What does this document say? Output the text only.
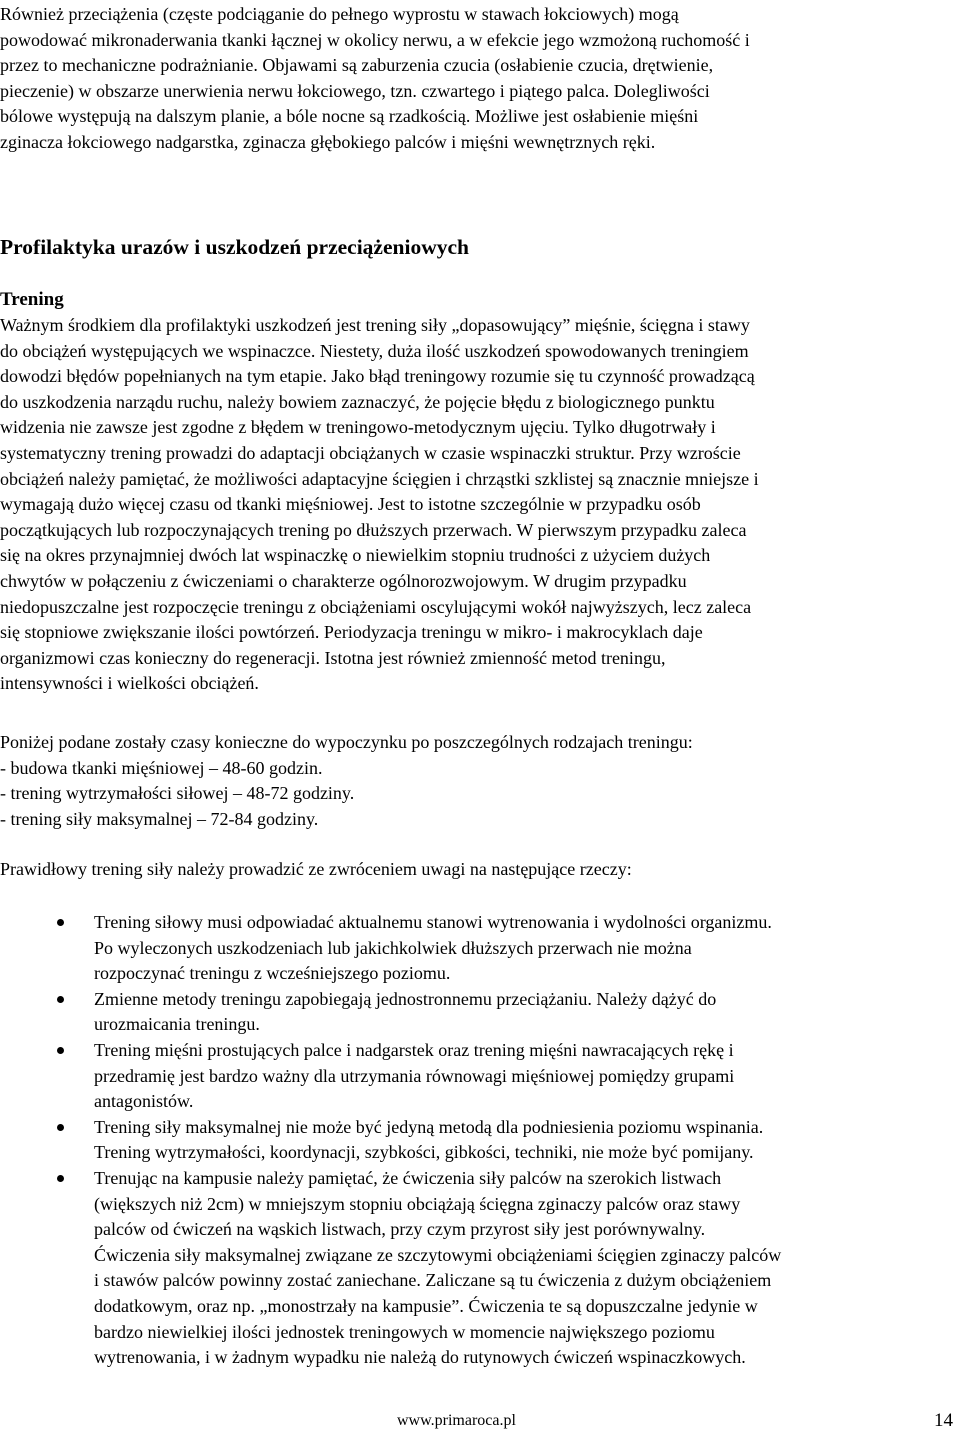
Również przeciążenia (częste podciąganie do pełnego wyprostu w stawach łokciowych) mogą
powodować mikronaderwania tkanki łącznej w okolicy nerwu, a w efekcie jego wzmożoną ruchomość i
przez to mechaniczne podrażnianie. Objawami są zaburzenia czucia (osłabienie czucia, drętwienie,
pieczenie) w obszarze unerwienia nerwu łokciowego, tzn. czwartego i piątego palca. Dolegliwości
bólowe występują na dalszym planie, a bóle nocne są rzadkością. Możliwe jest osłabienie mięśni
zginacza łokciowego nadgarstka, zginacza głębokiego palców i mięśni wewnętrznych ręki.

Profilaktyka urazów i uszkodzeń przeciążeniowych
Trening

Ważnym środkiem dla profilaktyki uszkodzeń jest trening siły „dopasowujący” mięśnie, ścięgna i stawy
do obciążeń występujących we wspinaczce. Niestety, duża ilość uszkodzeń spowodowanych treningiem
dowodzi błędów popełnianych na tym etapie. Jako błąd treningowy rozumie się tu czynność prowadzącą
do uszkodzenia narządu ruchu, należy bowiem zaznaczyć, że pojęcie błędu z biologicznego punktu
widzenia nie zawsze jest zgodne z błędem w treningowo-metodycznym ujęciu. Tylko długotrwały i
systematyczny trening prowadzi do adaptacji obciążanych w czasie wspinaczki struktur. Przy wzroście
obciążeń należy pamiętać, że możliwości adaptacyjne ścięgien i chrząstki szklistej są znacznie mniejsze i
wymagają dużo więcej czasu od tkanki mięśniowej. Jest to istotne szczególnie w przypadku osób
początkujących lub rozpoczynających trening po dłuższych przerwach. W pierwszym przypadku zaleca
się na okres przynajmniej dwóch lat wspinaczkę o niewielkim stopniu trudności z użyciem dużych
chwytów w połączeniu z ćwiczeniami o charakterze ogólnorozwojowym. W drugim przypadku
niedopuszczalne jest rozpoczęcie treningu z obciążeniami oscylującymi wokół najwyższych, lecz zaleca
się stopniowe zwiększanie ilości powtórzeń. Periodyzacja treningu w mikro- i makrocyklach daje
organizmowi czas konieczny do regeneracji. Istotna jest również zmienność metod treningu,
intensywności i wielkości obciążeń.

Poniżej podane zostały czasy konieczne do wypoczynku po poszczególnych rodzajach treningu:
- budowa tkanki mięśniowej – 48-60 godzin.
- trening wytrzymałości siłowej – 48-72 godziny.
- trening siły maksymalnej – 72-84 godziny.

Prawidłowy trening siły należy prowadzić ze zwróceniem uwagi na następujące rzeczy:

Trening siłowy musi odpowiadać aktualnemu stanowi wytrenowania i wydolności organizmu.
Po wyleczonych uszkodzeniach lub jakichkolwiek dłuższych przerwach nie można
rozpoczynać treningu z wcześniejszego poziomu.
Zmienne metody treningu zapobiegają jednostronnemu przeciążaniu. Należy dążyć do
urozmaicania treningu.
Trening mięśni prostujących palce i nadgarstek oraz trening mięśni nawracających rękę i
przedramię jest bardzo ważny dla utrzymania równowagi mięśniowej pomiędzy grupami
antagonistów.
Trening siły maksymalnej nie może być jedyną metodą dla podniesienia poziomu wspinania.
Trening wytrzymałości, koordynacji, szybkości, gibkości, techniki, nie może być pomijany.
Trenując na kampusie należy pamiętać, że ćwiczenia siły palców na szerokich listwach
(większych niż 2cm) w mniejszym stopniu obciążają ścięgna zginaczy palców oraz stawy
palców od ćwiczeń na wąskich listwach, przy czym przyrost siły jest porównywalny.
Ćwiczenia siły maksymalnej związane ze szczytowymi obciążeniami ścięgien zginaczy palców
i stawów palców powinny zostać zaniechane. Zaliczane są tu ćwiczenia z dużym obciążeniem
dodatkowym, oraz np. „monostrzały na kampusie”. Ćwiczenia te są dopuszczalne jedynie w
bardzo niewielkiej ilości jednostek treningowych w momencie największego poziomu
wytrenowania, i w żadnym wypadku nie należą do rutynowych ćwiczeń wspinaczkowych.

www.primaroca.pl	14
